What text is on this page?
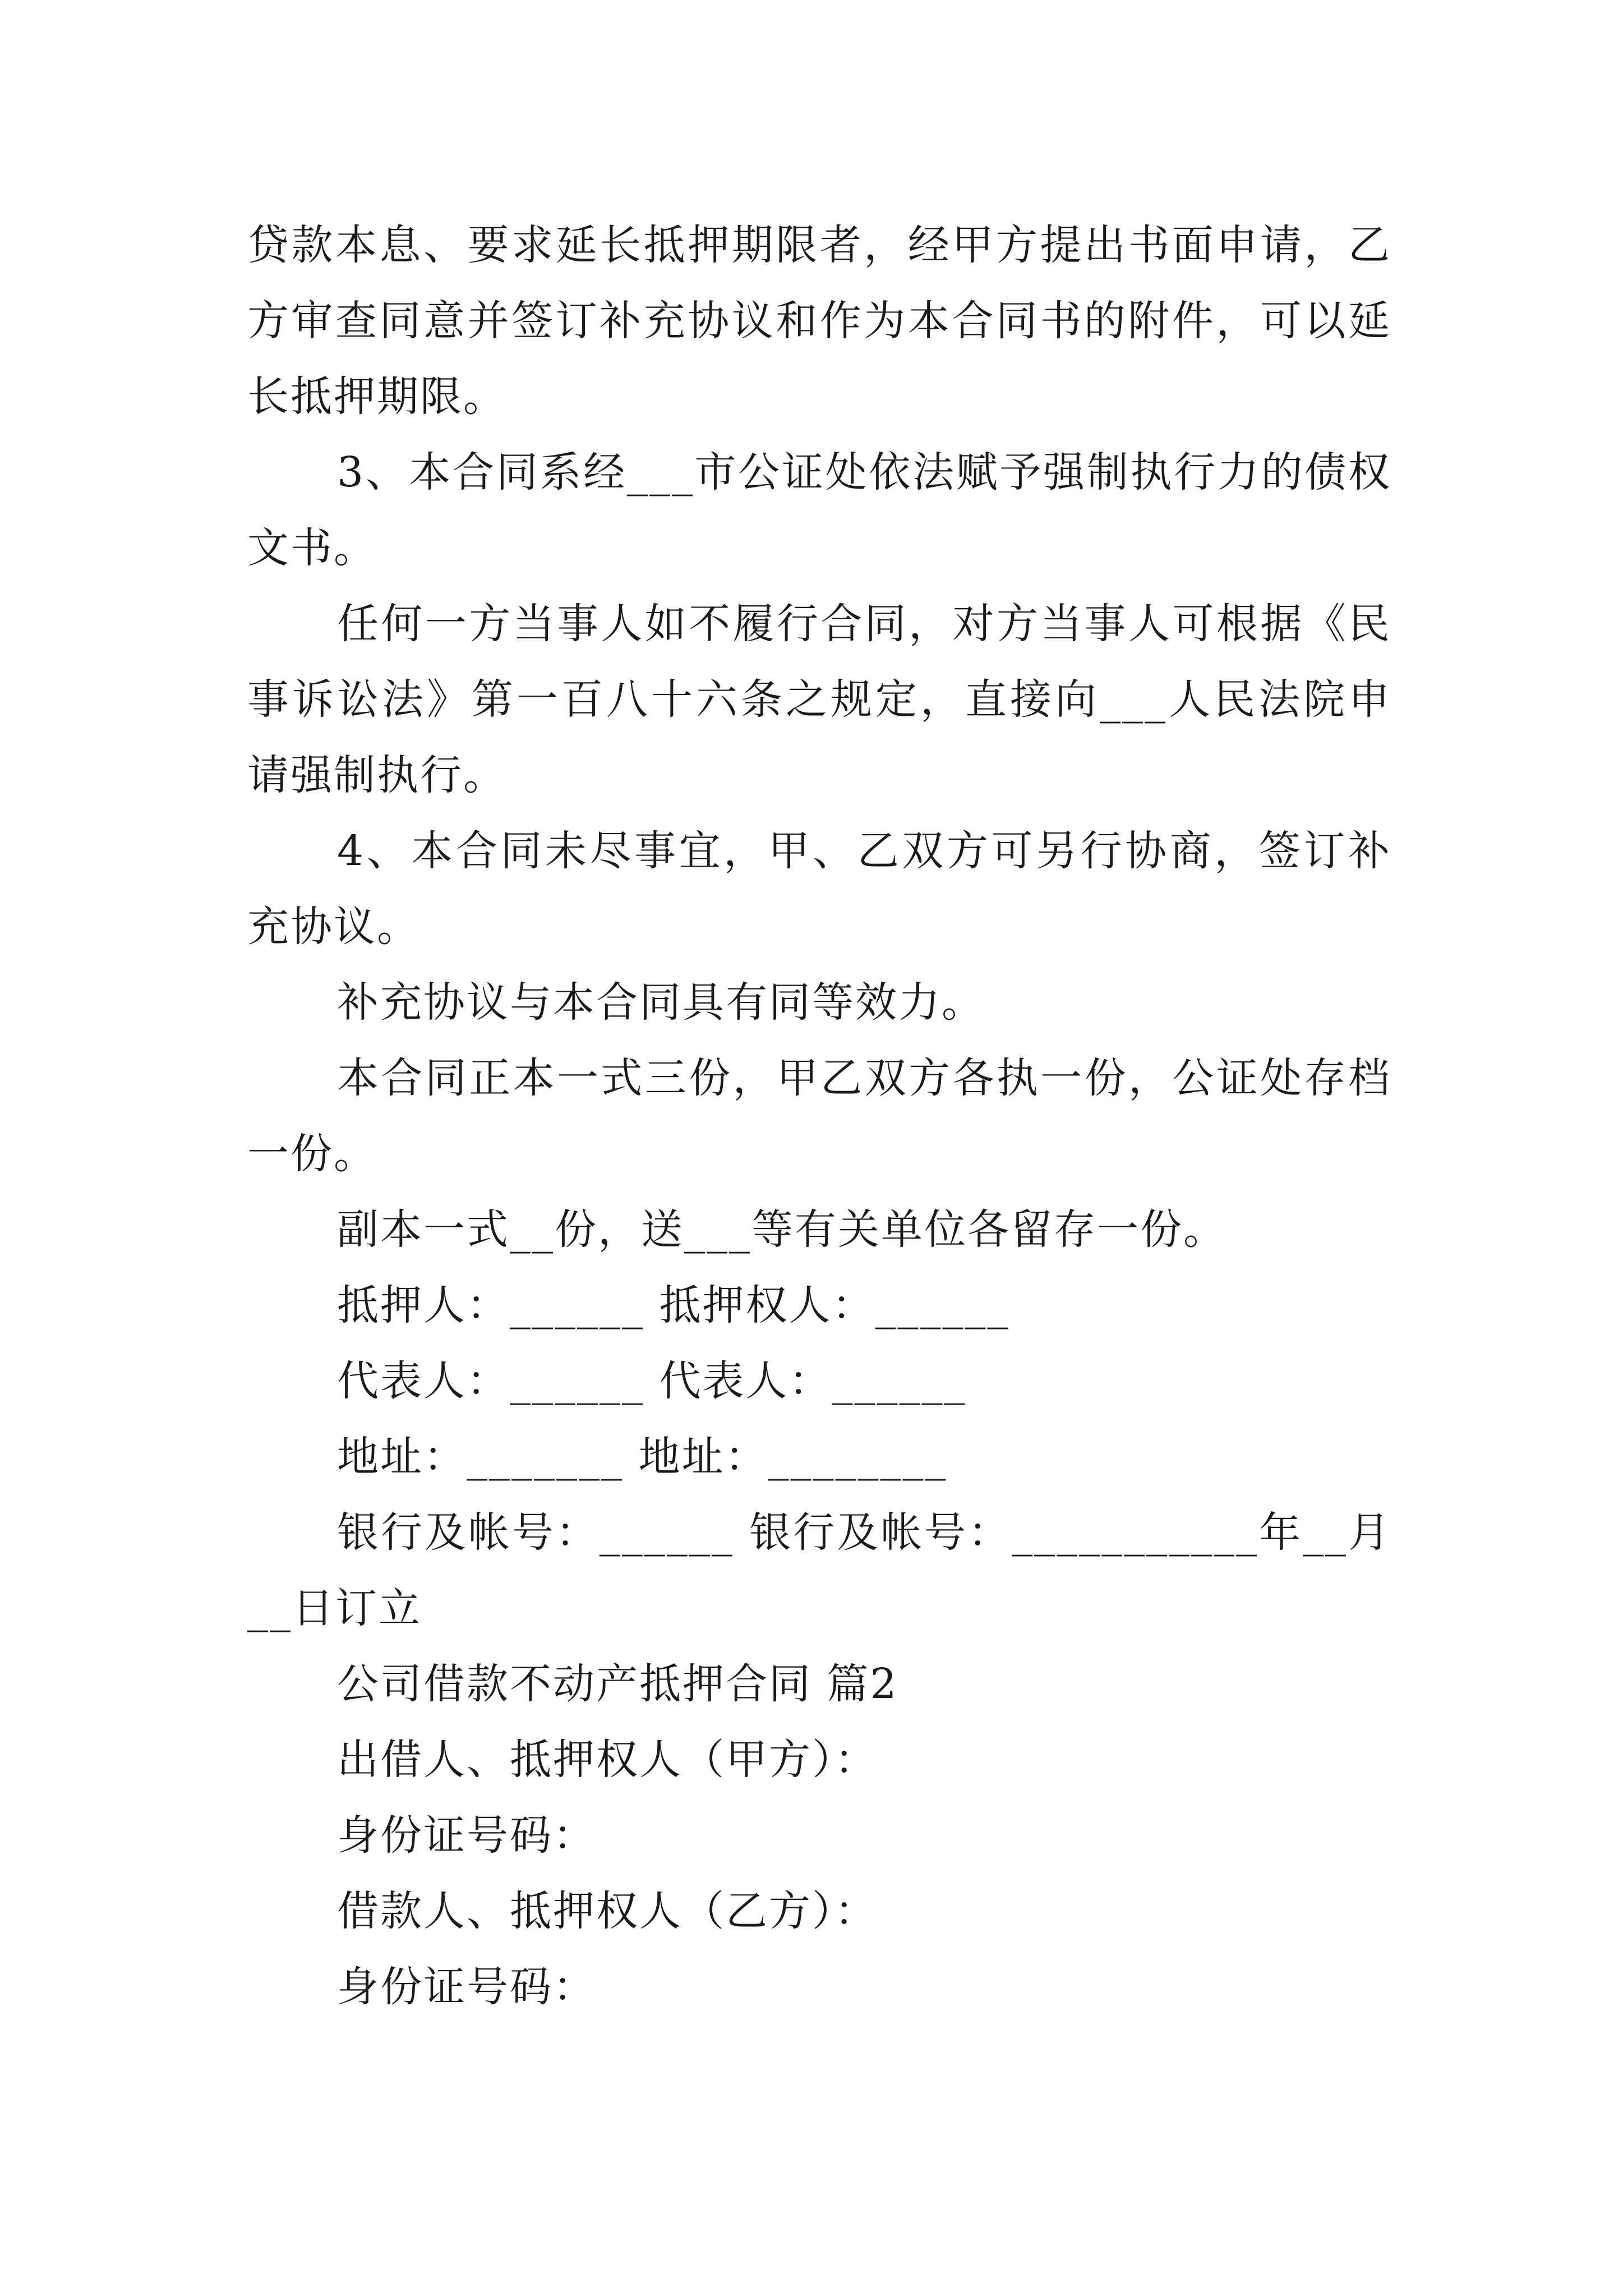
贷款本息、要求延长抵押期限者，经甲方提出书面申请，乙方审查同意并签订补充协议和作为本合同书的附件，可以延长抵押期限。

3、本合同系经___市公证处依法赋予强制执行力的债权文书。

任何一方当事人如不履行合同，对方当事人可根据《民事诉讼法》第一百八十六条之规定，直接向___人民法院申请强制执行。

4、本合同未尽事宜，甲、乙双方可另行协商，签订补充协议。

补充协议与本合同具有同等效力。

本合同正本一式三份，甲乙双方各执一份，公证处存档一份。

副本一式__份，送___等有关单位各留存一份。

抵押人：______ 抵押权人：______

代表人：______ 代表人：______

地址：_______ 地址：________

银行及帐号：______ 银行及帐号：___________年__月__日订立

公司借款不动产抵押合同 篇2

出借人、抵押权人（甲方）：

身份证号码：

借款人、抵押权人（乙方）：

身份证号码：
